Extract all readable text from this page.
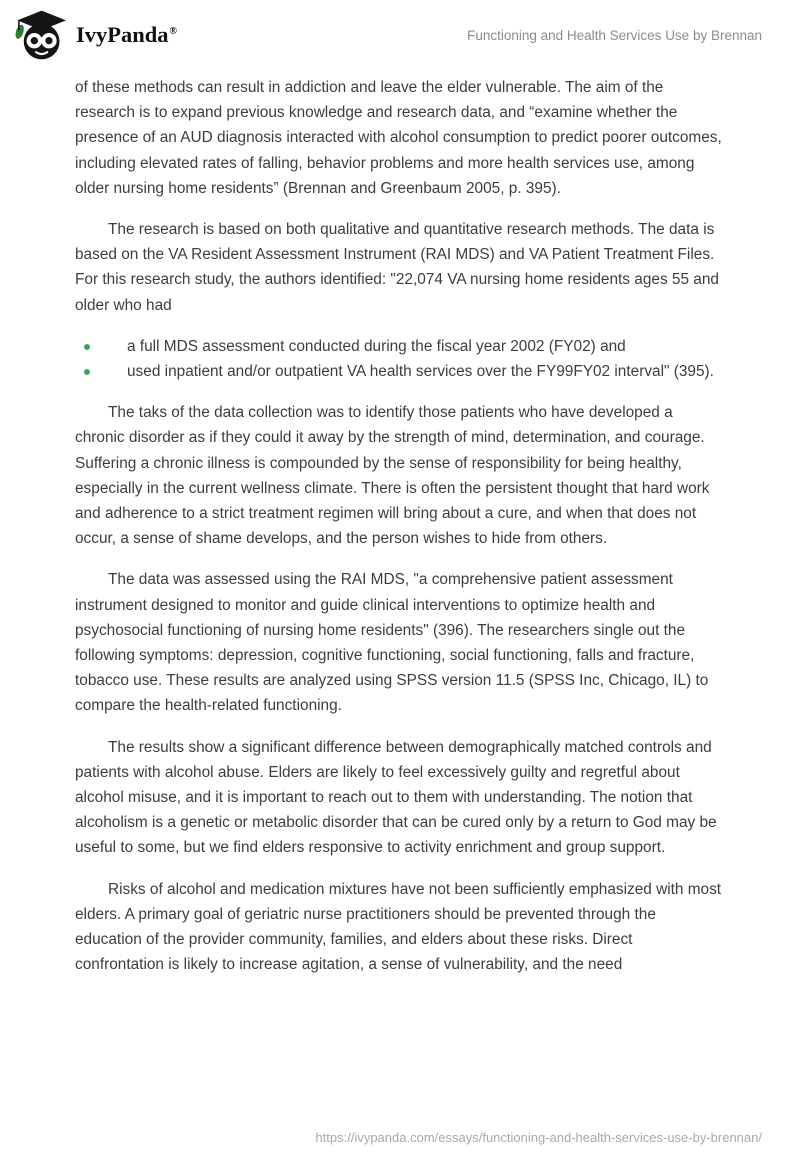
IvyPanda®	Functioning and Health Services Use by Brennan

of these methods can result in addiction and leave the elder vulnerable. The aim of the research is to expand previous knowledge and research data, and “examine whether the presence of an AUD diagnosis interacted with alcohol consumption to predict poorer outcomes, including elevated rates of falling, behavior problems and more health services use, among older nursing home residents” (Brennan and Greenbaum 2005, p. 395).

The research is based on both qualitative and quantitative research methods. The data is based on the VA Resident Assessment Instrument (RAI MDS) and VA Patient Treatment Files. For this research study, the authors identified: "22,074 VA nursing home residents ages 55 and older who had

a full MDS assessment conducted during the fiscal year 2002 (FY02) and
used inpatient and/or outpatient VA health services over the FY99FY02 interval" (395).

The taks of the data collection was to identify those patients who have developed a chronic disorder as if they could it away by the strength of mind, determination, and courage. Suffering a chronic illness is compounded by the sense of responsibility for being healthy, especially in the current wellness climate. There is often the persistent thought that hard work and adherence to a strict treatment regimen will bring about a cure, and when that does not occur, a sense of shame develops, and the person wishes to hide from others.

The data was assessed using the RAI MDS, "a comprehensive patient assessment instrument designed to monitor and guide clinical interventions to optimize health and psychosocial functioning of nursing home residents" (396). The researchers single out the following symptoms: depression, cognitive functioning, social functioning, falls and fracture, tobacco use. These results are analyzed using SPSS version 11.5 (SPSS Inc, Chicago, IL) to compare the health-related functioning.

The results show a significant difference between demographically matched controls and patients with alcohol abuse. Elders are likely to feel excessively guilty and regretful about alcohol misuse, and it is important to reach out to them with understanding. The notion that alcoholism is a genetic or metabolic disorder that can be cured only by a return to God may be useful to some, but we find elders responsive to activity enrichment and group support.

Risks of alcohol and medication mixtures have not been sufficiently emphasized with most elders. A primary goal of geriatric nurse practitioners should be prevented through the education of the provider community, families, and elders about these risks. Direct confrontation is likely to increase agitation, a sense of vulnerability, and the need

https://ivypanda.com/essays/functioning-and-health-services-use-by-brennan/
